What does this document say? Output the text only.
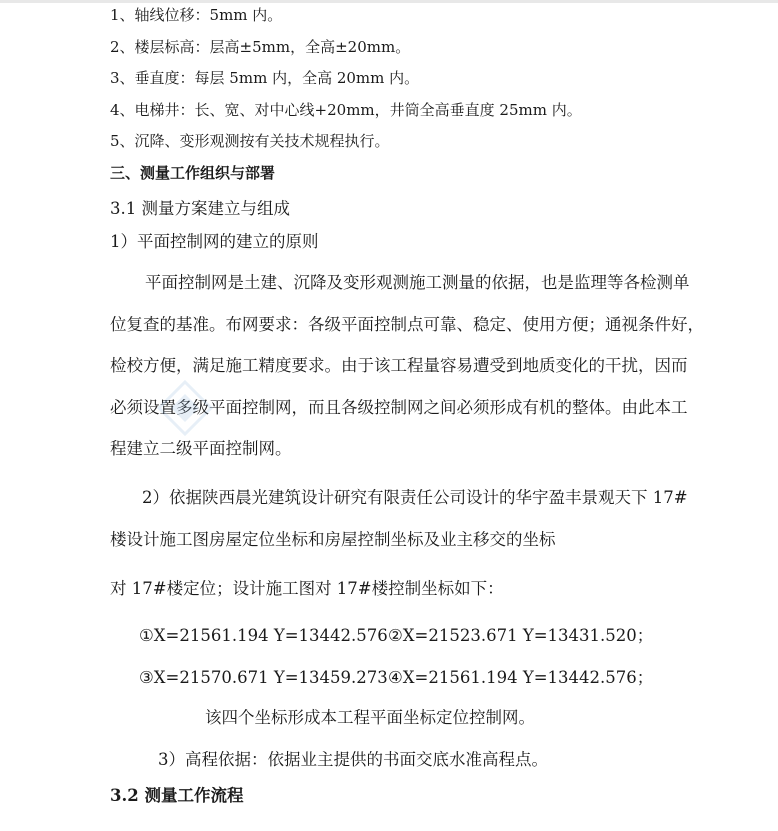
1、轴线位移：5mm 内。
2、楼层标高：层高±5mm，全高±20mm。
3、垂直度：每层 5mm 内，全高 20mm 内。
4、电梯井：长、宽、对中心线+20mm，井筒全高垂直度 25mm 内。
5、沉降、变形观测按有关技术规程执行。
三、测量工作组织与部署
3.1 测量方案建立与组成
1）平面控制网的建立的原则
平面控制网是土建、沉降及变形观测施工测量的依据，也是监理等各检测单
位复查的基准。布网要求：各级平面控制点可靠、稳定、使用方便；通视条件好，
检校方便，满足施工精度要求。由于该工程量容易遭受到地质变化的干扰，因而
必须设置多级平面控制网，而且各级控制网之间必须形成有机的整体。由此本工
程建立二级平面控制网。
2）依据陕西晨光建筑设计研究有限责任公司设计的华宇盈丰景观天下 17#
楼设计施工图房屋定位坐标和房屋控制坐标及业主移交的坐标
对 17#楼定位；设计施工图对 17#楼控制坐标如下：
①X=21561.194 Y=13442.576 ②X=21523.671 Y=13431.520；
③X=21570.671 Y=13459.273 ④X=21561.194 Y=13442.576；
该四个坐标形成本工程平面坐标定位控制网。
3）高程依据：依据业主提供的书面交底水准高程点。
3.2 测量工作流程
